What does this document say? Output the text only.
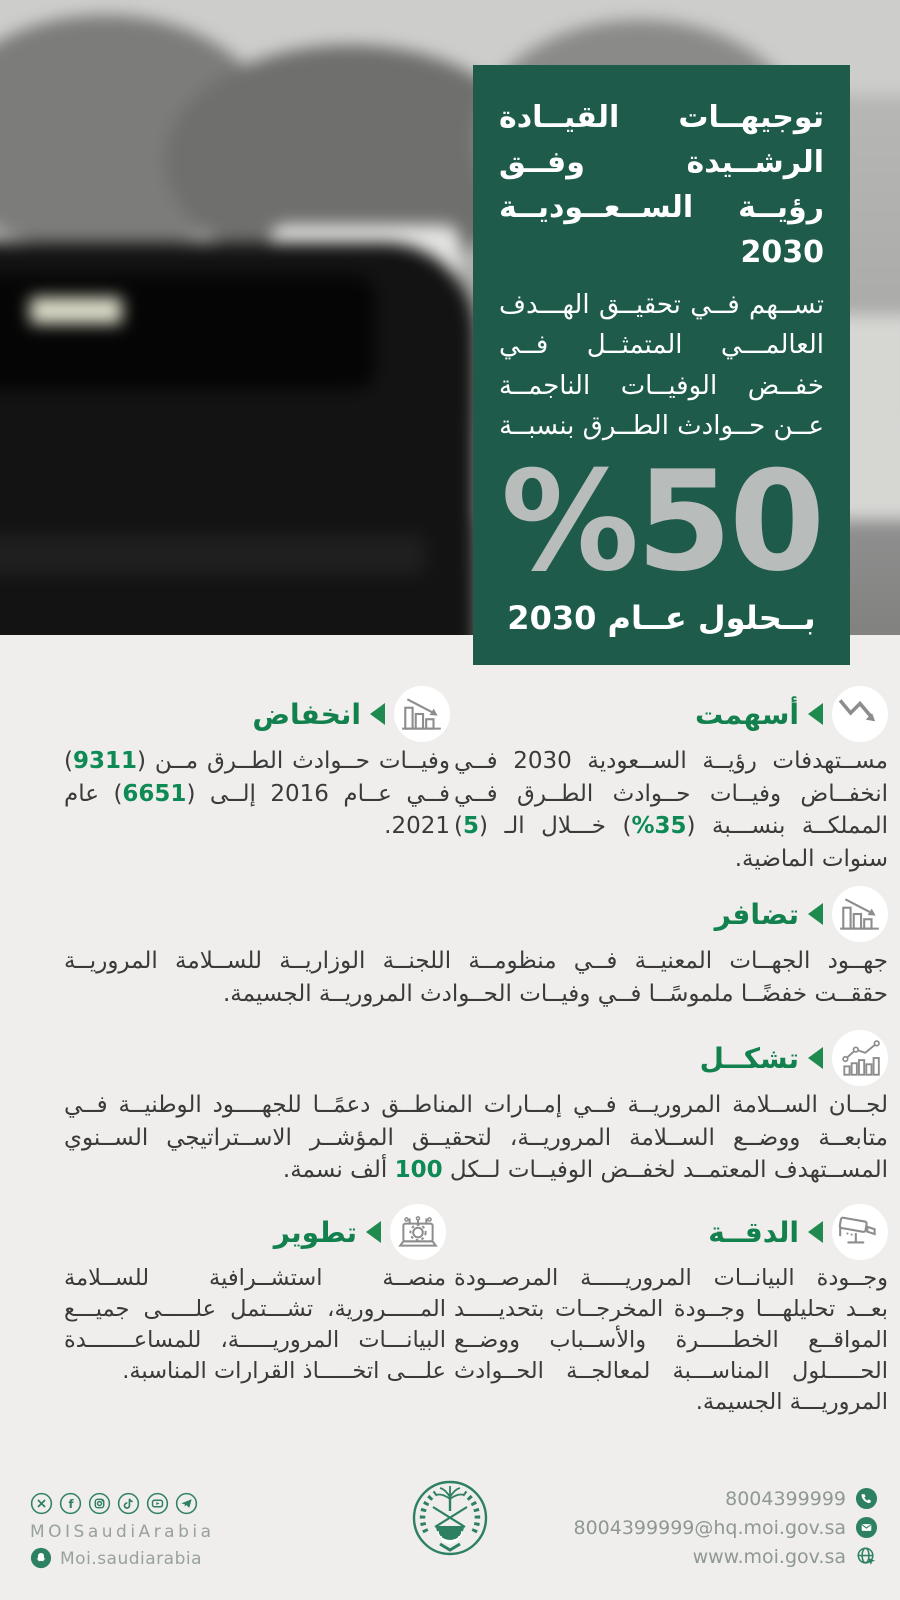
توجيهــات القيــادة الرشــيدة وفــق رؤيــة الســعــوديــة 2030

تســهم فــي تحقيــق الهـــدف العالمـــي المتمثــل فــي خفــض الوفيــات الناجمــة عــن حــوادث الطــرق بنسبــة

%50
بــحلول عــام 2030
أسهمت

مســتهدفات رؤيــة الســعودية 2030 فــي انخفــاض وفيــات حــوادث الطــرق فــي المملكــة بنســـبة (35%) خـــلال الـ (5) سنوات الماضية.

انخفاض

وفيــات حــوادث الطــرق مــن (9311) فــي عــام 2016 إلــى (6651) عام 2021.

تضافر

جهــود الجهــات المعنيــة فــي منظومــة اللجنــة الوزاريــة للســلامة المروريــة حققــت خفضًــا ملموسًــا فــي وفيــات الحــوادث المروريــة الجسيمة.

تشكــل

لجــان الســلامة المروريــة فــي إمــارات المناطــق دعمًــا للجهــــود الوطنيــة فــي متابعــة ووضــع الســلامة المروريــة، لتحقيــق المؤشــر الاســتراتيجي الســنوي المســتهدف المعتمــد لخفــض الوفيــات لــكل 100 ألف نسمة.

الدقــة

وجــودة البيانــات المروريـــــة المرصــودة بعــد تحليلهـــا وجــودة المخرجــات بتحديـــــد المواقــع الخطـــــرة والأســباب ووضــع الحـــــلول المناســـبة لمعالجــة الحــوادث المروريـــة الجسيمة.

تطوير

منصــة استشــرافية للســلامة المـــــرورية، تشـــتمل علـــــى جميـــع البيانـــات المروريـــــة، للمساعـــــــدة علـــى اتخـــــاذ القرارات المناسبة.

f
MOISaudiArabia
Moi.saudiarabia
8004399999
8004399999@hq.moi.gov.sa
www.moi.gov.sa
